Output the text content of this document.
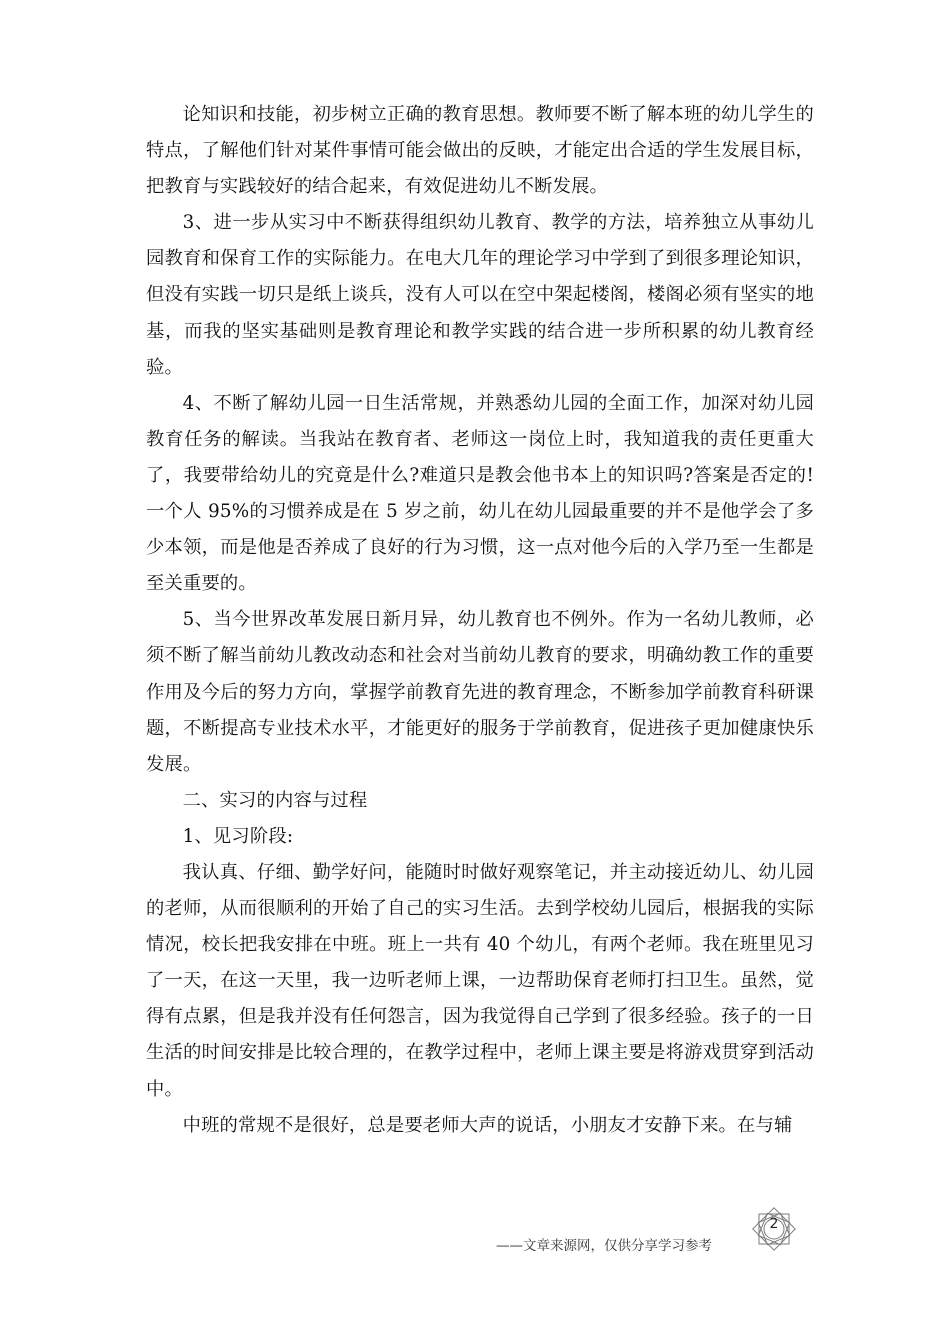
论知识和技能，初步树立正确的教育思想。教师要不断了解本班的幼儿学生的特点，了解他们针对某件事情可能会做出的反映，才能定出合适的学生发展目标，把教育与实践较好的结合起来，有效促进幼儿不断发展。

3、进一步从实习中不断获得组织幼儿教育、教学的方法，培养独立从事幼儿园教育和保育工作的实际能力。在电大几年的理论学习中学到了到很多理论知识，但没有实践一切只是纸上谈兵，没有人可以在空中架起楼阁，楼阁必须有坚实的地基，而我的坚实基础则是教育理论和教学实践的结合进一步所积累的幼儿教育经验。

4、不断了解幼儿园一日生活常规，并熟悉幼儿园的全面工作，加深对幼儿园教育任务的解读。当我站在教育者、老师这一岗位上时，我知道我的责任更重大了，我要带给幼儿的究竟是什么?难道只是教会他书本上的知识吗?答案是否定的!一个人 95%的习惯养成是在 5 岁之前，幼儿在幼儿园最重要的并不是他学会了多少本领，而是他是否养成了良好的行为习惯，这一点对他今后的入学乃至一生都是至关重要的。

5、当今世界改革发展日新月异，幼儿教育也不例外。作为一名幼儿教师，必须不断了解当前幼儿教改动态和社会对当前幼儿教育的要求，明确幼教工作的重要作用及今后的努力方向，掌握学前教育先进的教育理念，不断参加学前教育科研课题，不断提高专业技术水平，才能更好的服务于学前教育，促进孩子更加健康快乐发展。

二、实习的内容与过程

1、见习阶段:

我认真、仔细、勤学好问，能随时时做好观察笔记，并主动接近幼儿、幼儿园的老师，从而很顺利的开始了自己的实习生活。去到学校幼儿园后，根据我的实际情况，校长把我安排在中班。班上一共有 40 个幼儿，有两个老师。我在班里见习了一天，在这一天里，我一边听老师上课，一边帮助保育老师打扫卫生。虽然，觉得有点累，但是我并没有任何怨言，因为我觉得自己学到了很多经验。孩子的一日生活的时间安排是比较合理的，在教学过程中，老师上课主要是将游戏贯穿到活动中。

中班的常规不是很好，总是要老师大声的说话，小朋友才安静下来。在与辅

——文章来源网，仅供分享学习参考
2
